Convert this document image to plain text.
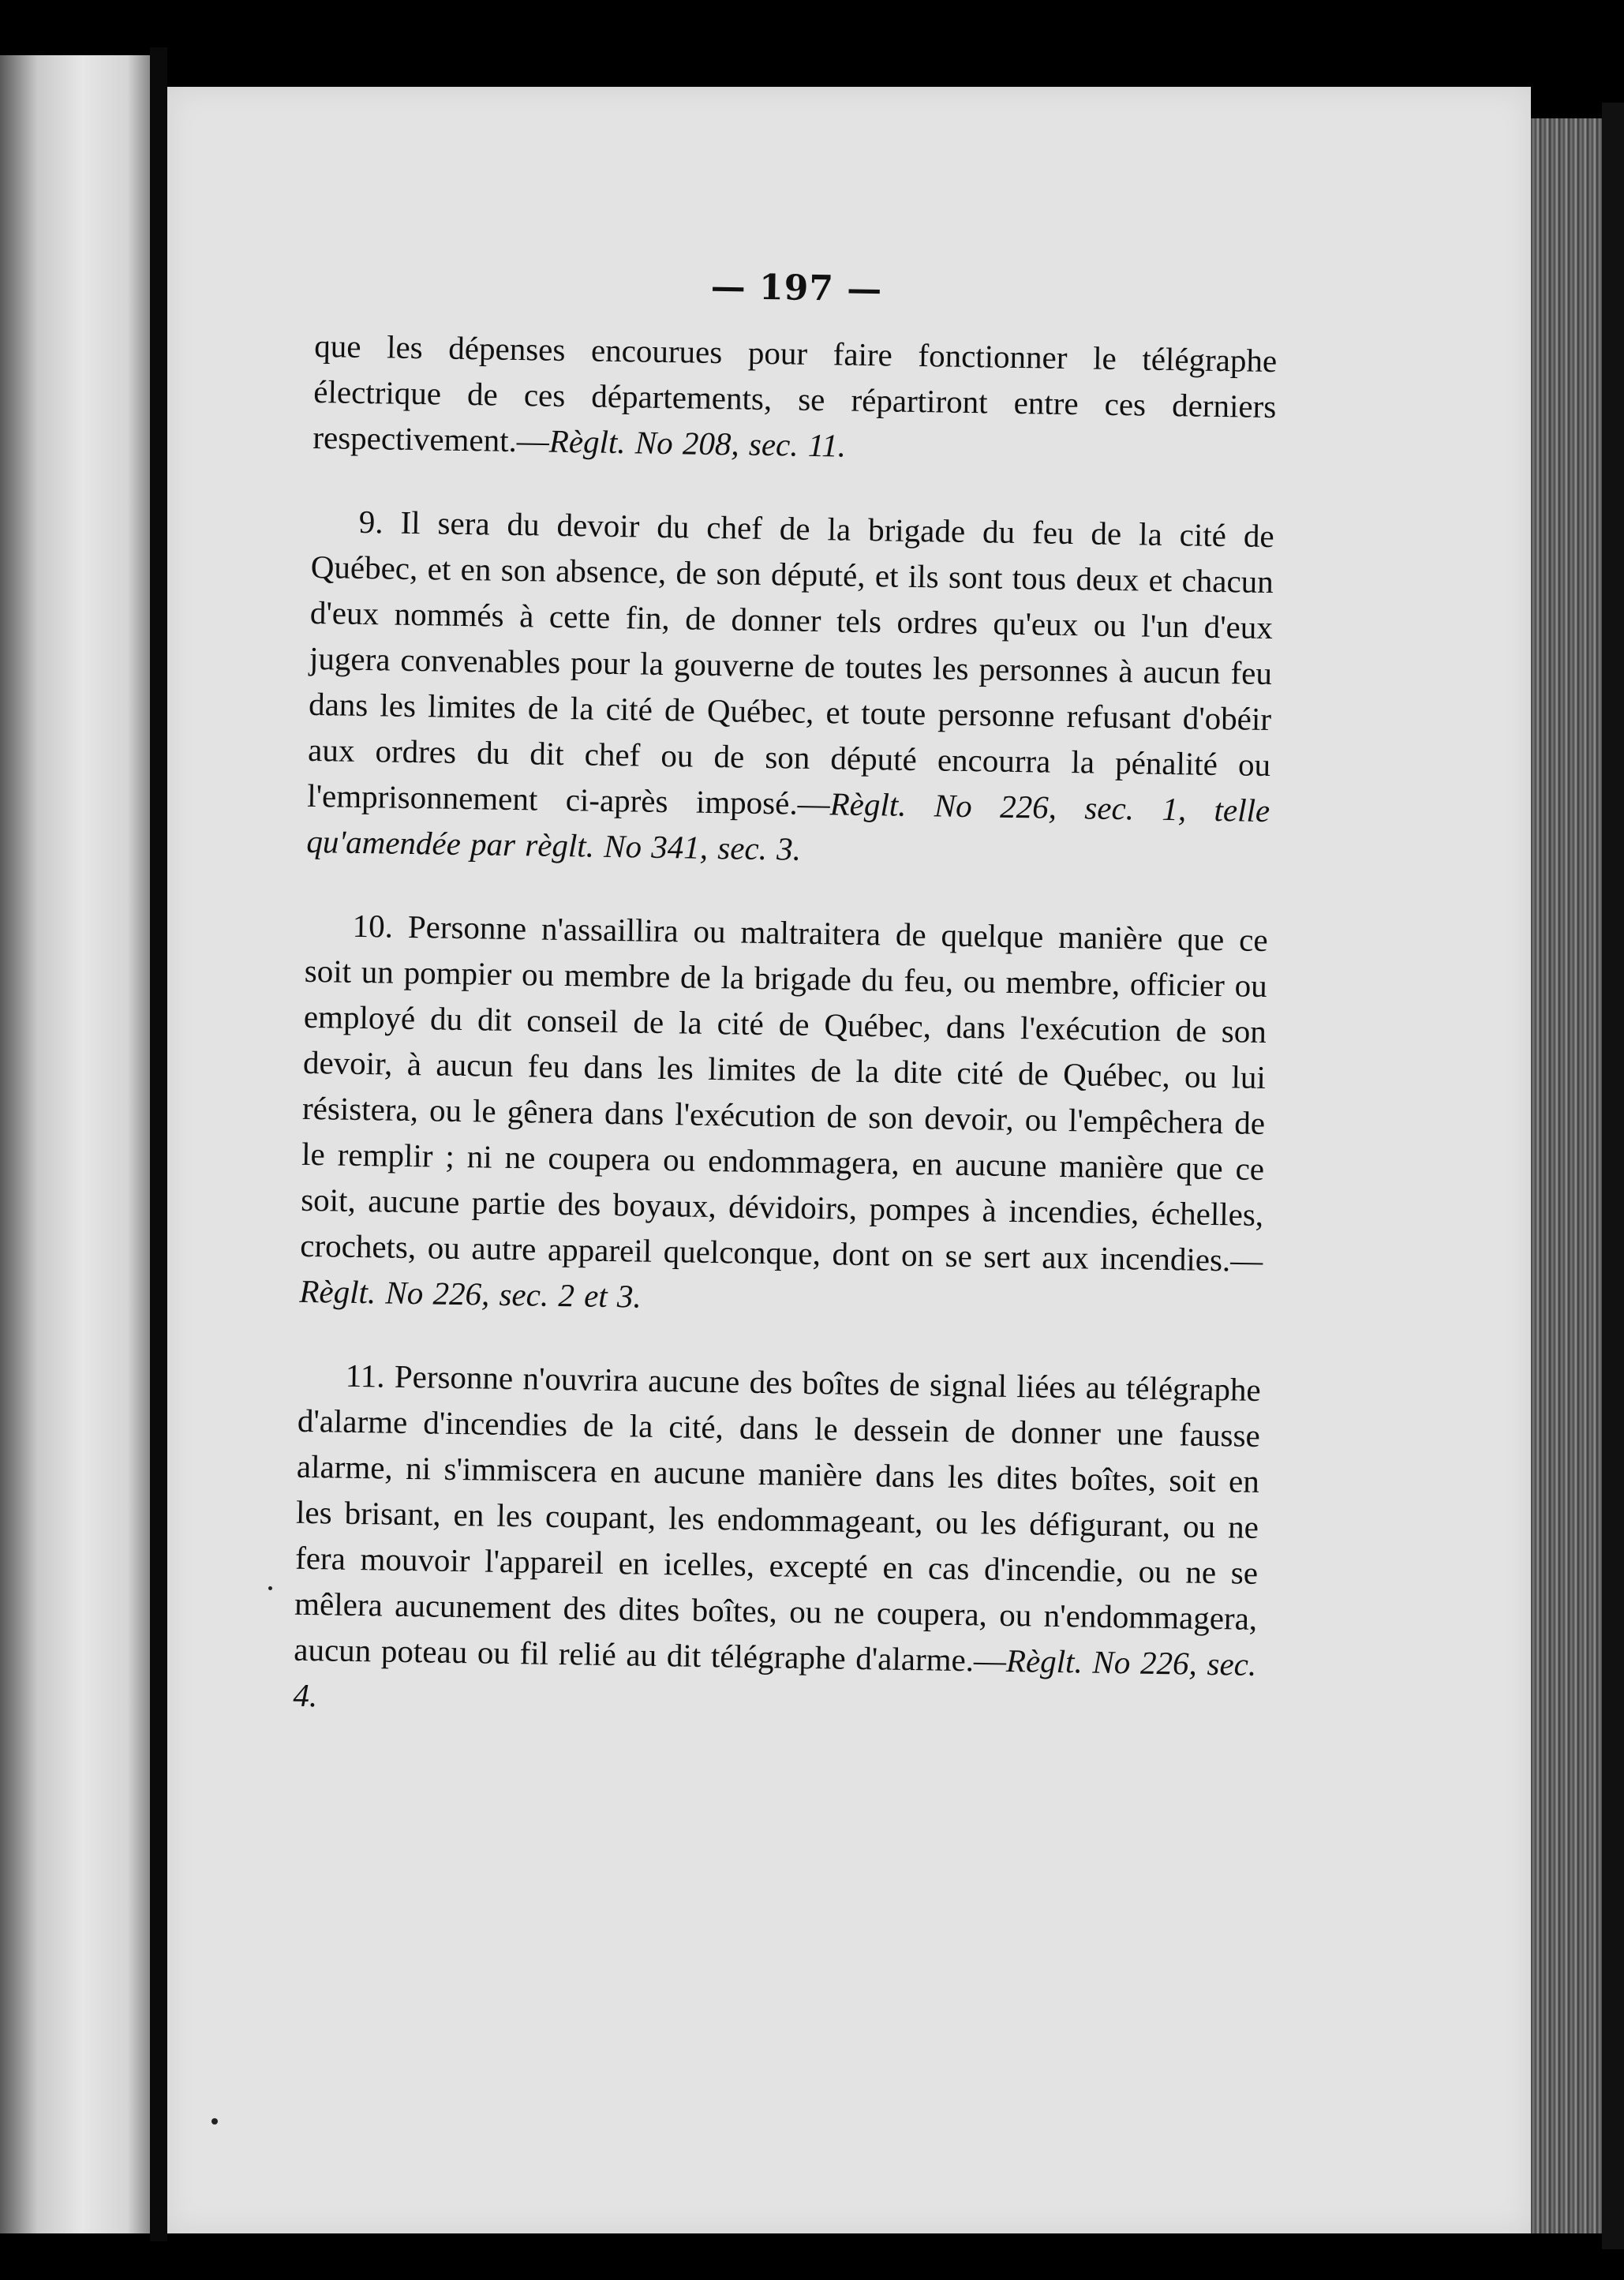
— 197 —

que les dépenses encourues pour faire fonctionner le télégraphe électrique de ces départements, se répartiront entre ces derniers respectivement.—Règlt. No 208, sec. 11.

9. Il sera du devoir du chef de la brigade du feu de la cité de Québec, et en son absence, de son député, et ils sont tous deux et chacun d'eux nommés à cette fin, de donner tels ordres qu'eux ou l'un d'eux jugera convenables pour la gouverne de toutes les personnes à aucun feu dans les limites de la cité de Québec, et toute personne refusant d'obéir aux ordres du dit chef ou de son député encourra la pénalité ou l'emprisonnement ci-après imposé.—Règlt. No 226, sec. 1, telle qu'amendée par règlt. No 341, sec. 3.

10. Personne n'assaillira ou maltraitera de quelque manière que ce soit un pompier ou membre de la brigade du feu, ou membre, officier ou employé du dit conseil de la cité de Québec, dans l'exécution de son devoir, à aucun feu dans les limites de la dite cité de Québec, ou lui résistera, ou le gênera dans l'exécution de son devoir, ou l'empêchera de le remplir ; ni ne coupera ou endommagera, en aucune manière que ce soit, aucune partie des boyaux, dévidoirs, pompes à incendies, échelles, crochets, ou autre appareil quelconque, dont on se sert aux incendies.—Règlt. No 226, sec. 2 et 3.

11. Personne n'ouvrira aucune des boîtes de signal liées au télégraphe d'alarme d'incendies de la cité, dans le dessein de donner une fausse alarme, ni s'immiscera en aucune manière dans les dites boîtes, soit en les brisant, en les coupant, les endommageant, ou les défigurant, ou ne fera mouvoir l'appareil en icelles, excepté en cas d'incendie, ou ne se mêlera aucunement des dites boîtes, ou ne coupera, ou n'endommagera, aucun poteau ou fil relié au dit télégraphe d'alarme.—Règlt. No 226, sec. 4.
